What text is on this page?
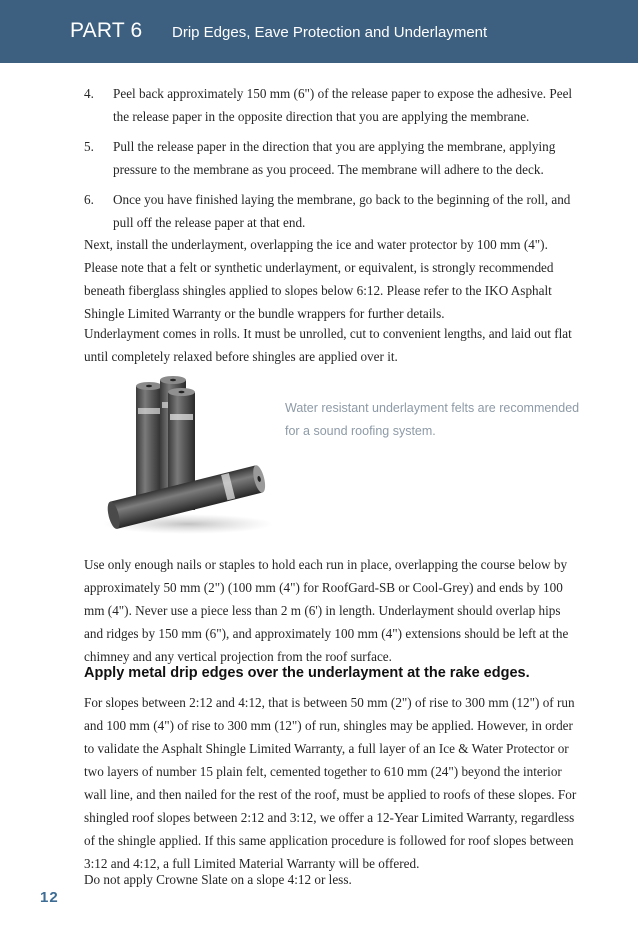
PART 6 Drip Edges, Eave Protection and Underlayment
4. Peel back approximately 150 mm (6") of the release paper to expose the adhesive. Peel the release paper in the opposite direction that you are applying the membrane.
5. Pull the release paper in the direction that you are applying the membrane, applying pressure to the membrane as you proceed. The membrane will adhere to the deck.
6. Once you have finished laying the membrane, go back to the beginning of the roll, and pull off the release paper at that end.
Next, install the underlayment, overlapping the ice and water protector by 100 mm (4"). Please note that a felt or synthetic underlayment, or equivalent, is strongly recommended beneath fiberglass shingles applied to slopes below 6:12. Please refer to the IKO Asphalt Shingle Limited Warranty or the bundle wrappers for further details.
Underlayment comes in rolls. It must be unrolled, cut to convenient lengths, and laid out flat until completely relaxed before shingles are applied over it.
Water resistant underlayment felts are recommended for a sound roofing system.
Use only enough nails or staples to hold each run in place, overlapping the course below by approximately 50 mm (2") (100 mm (4") for RoofGard-SB or Cool-Grey) and ends by 100 mm (4"). Never use a piece less than 2 m (6') in length. Underlayment should overlap hips and ridges by 150 mm (6"), and approximately 100 mm (4") extensions should be left at the chimney and any vertical projection from the roof surface.
Apply metal drip edges over the underlayment at the rake edges.
For slopes between 2:12 and 4:12, that is between 50 mm (2") of rise to 300 mm (12") of run and 100 mm (4") of rise to 300 mm (12") of run, shingles may be applied. However, in order to validate the Asphalt Shingle Limited Warranty, a full layer of an Ice & Water Protector or two layers of number 15 plain felt, cemented together to 610 mm (24") beyond the interior wall line, and then nailed for the rest of the roof, must be applied to roofs of these slopes. For shingled roof slopes between 2:12 and 3:12, we offer a 12-Year Limited Warranty, regardless of the shingle applied. If this same application procedure is followed for roof slopes between 3:12 and 4:12, a full Limited Material Warranty will be offered.
Do not apply Crowne Slate on a slope 4:12 or less.
12
